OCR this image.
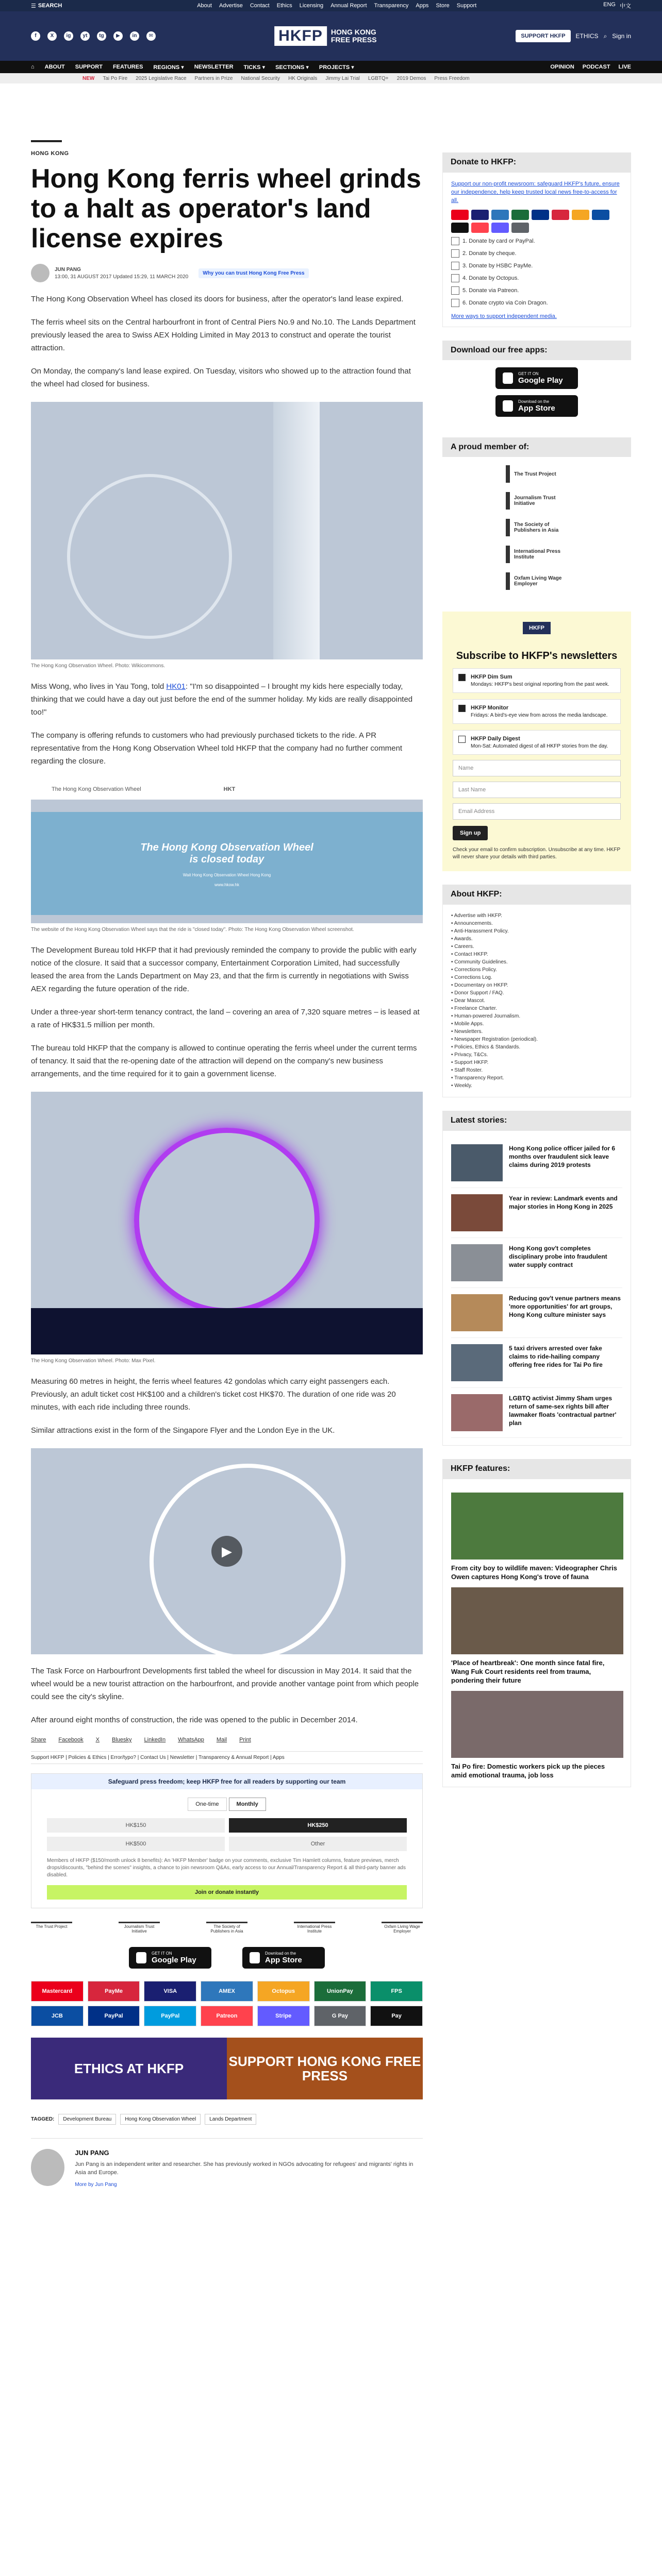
☰ SEARCH	About Advertise Contact Ethics Licensing Annual Report Transparency Apps Store Support	ENG 中文
f	X	ig	yt	tg	▶	in	✉	HKFP	HONG KONG FREE PRESS	SUPPORT HKFP	ETHICS ⌕ Sign in
⌂ ABOUT SUPPORT FEATURES REGIONS ▾ NEWSLETTER TICKS ▾ SECTIONS ▾ PROJECTS ▾	OPINION PODCAST LIVE
NEW Tai Po Fire 2025 Legislative Race Partners in Prize National Security HK Originals Jimmy Lai Trial LGBTQ+ 2019 Demos Press Freedom
HONG KONG
Hong Kong ferris wheel grinds to a halt as operator's land license expires
JUN PANG
13:00, 31 AUGUST 2017 Updated 15:29, 11 MARCH 2020
Why you can trust Hong Kong Free Press

The Hong Kong Observation Wheel has closed its doors for business, after the operator's land lease expired.

The ferris wheel sits on the Central harbourfront in front of Central Piers No.9 and No.10. The Lands Department previously leased the area to Swiss AEX Holding Limited in May 2013 to construct and operate the tourist attraction.

On Monday, the company's land lease expired. On Tuesday, visitors who showed up to the attraction found that the wheel had closed for business.

The Hong Kong Observation Wheel. Photo: Wikicommons.

Miss Wong, who lives in Yau Tong, told HK01: "I'm so disappointed – I brought my kids here especially today, thinking that we could have a day out just before the end of the summer holiday. My kids are really disappointed too!"

The company is offering refunds to customers who had previously purchased tickets to the ride. A PR representative from the Hong Kong Observation Wheel told HKFP that the company had no further comment regarding the closure.

The Hong Kong Observation Wheel	HKT
The Hong Kong Observation Wheel
is closed today
Wait Hong Kong Observation Wheel Hong Kong
www.hkow.hk
The website of the Hong Kong Observation Wheel says that the ride is "closed today". Photo: The Hong Kong Observation Wheel screenshot.

The Development Bureau told HKFP that it had previously reminded the company to provide the public with early notice of the closure. It said that a successor company, Entertainment Corporation Limited, had successfully leased the area from the Lands Department on May 23, and that the firm is currently in negotiations with Swiss AEX regarding the future operation of the ride.

Under a three-year short-term tenancy contract, the land – covering an area of 7,320 square metres – is leased at a rate of HK$31.5 million per month.

The bureau told HKFP that the company is allowed to continue operating the ferris wheel under the current terms of tenancy. It said that the re-opening date of the attraction will depend on the company's new business arrangements, and the time required for it to gain a government license.

The Hong Kong Observation Wheel. Photo: Max Pixel.

Measuring 60 metres in height, the ferris wheel features 42 gondolas which carry eight passengers each. Previously, an adult ticket cost HK$100 and a children's ticket cost HK$70. The duration of one ride was 20 minutes, with each ride including three rounds.

Similar attractions exist in the form of the Singapore Flyer and the London Eye in the UK.

▶

The Task Force on Harbourfront Developments first tabled the wheel for discussion in May 2014. It said that the wheel would be a new tourist attraction on the harbourfront, and provide another vantage point from which people could see the city's skyline.

After around eight months of construction, the ride was opened to the public in December 2014.

Share Facebook X Bluesky LinkedIn WhatsApp Mail Print
Support HKFP | Policies & Ethics | Error/typo? | Contact Us | Newsletter | Transparency & Annual Report | Apps
Safeguard press freedom; keep HKFP free for all readers by supporting our team
One-time	Monthly
HK$150	HK$250
HK$500	Other
Members of HKFP ($150/month unlock 8 benefits): An 'HKFP Member' badge on your comments, exclusive Tim Hamlett columns, feature previews, merch drops/discounts, "behind the scenes" insights, a chance to join newsroom Q&As, early access to our Annual/Transparency Report & all third-party banner ads disabled.
Join or donate instantly
The Trust Project	Journalism Trust Initiative
The Society of Publishers in Asia
International Press Institute
Oxfam Living Wage Employer
GET IT ON
Google Play
Download on the
App Store
Mastercard	PayMe	VISA	AMEX	Octopus	UnionPay	FPS
JCB	PayPal	PayPal	Patreon	Stripe	G Pay	Pay
ETHICS AT HKFP	SUPPORT HONG KONG FREE PRESS
TAGGED:	Development Bureau	Hong Kong Observation Wheel	Lands Department
JUN PANG
Jun Pang is an independent writer and researcher. She has previously worked in NGOs advocating for refugees' and migrants' rights in Asia and Europe.
More by Jun Pang
Donate to HKFP:

Support our non-profit newsroom: safeguard HKFP's future, ensure our independence, help keep trusted local news free-to-access for all.

1. Donate by card or PayPal.
2. Donate by cheque.
3. Donate by HSBC PayMe.
4. Donate by Octopus.
5. Donate via Patreon.
6. Donate crypto via Coin Dragon.
More ways to support independent media.
Download our free apps:
GET IT ON
Google Play
Download on the
App Store
A proud member of:
The Trust Project
Journalism Trust Initiative
The Society of Publishers in Asia
International Press Institute
Oxfam Living Wage Employer
HKFP
Subscribe to HKFP's newsletters
HKFP Dim Sum
Mondays: HKFP's best original reporting from the past week.
HKFP Monitor
Fridays: A bird's-eye view from across the media landscape.
HKFP Daily Digest
Mon-Sat: Automated digest of all HKFP stories from the day.
Name
Last Name
Email Address
Sign up
Check your email to confirm subscription. Unsubscribe at any time. HKFP will never share your details with third parties.
About HKFP:
• Advertise with HKFP.
• Announcements.
• Anti-Harassment Policy.
• Awards.
• Careers.
• Contact HKFP.
• Community Guidelines.
• Corrections Policy.
• Corrections Log.
• Documentary on HKFP.
• Donor Support / FAQ.
• Dear Mascot.
• Freelance Charter.
• Human-powered Journalism.
• Mobile Apps.
• Newsletters.
• Newspaper Registration (periodical).
• Policies, Ethics & Standards.
• Privacy, T&Cs.
• Support HKFP.
• Staff Roster.
• Transparency Report.
• Weekly.
Latest stories:
Hong Kong police officer jailed for 6 months over fraudulent sick leave claims during 2019 protests
Year in review: Landmark events and major stories in Hong Kong in 2025
Hong Kong gov't completes disciplinary probe into fraudulent water supply contract
Reducing gov't venue partners means 'more opportunities' for art groups, Hong Kong culture minister says
5 taxi drivers arrested over fake claims to ride-hailing company offering free rides for Tai Po fire
LGBTQ activist Jimmy Sham urges return of same-sex rights bill after lawmaker floats 'contractual partner' plan
HKFP features:
From city boy to wildlife maven: Videographer Chris Owen captures Hong Kong's trove of fauna
'Place of heartbreak': One month since fatal fire, Wang Fuk Court residents reel from trauma, pondering their future
Tai Po fire: Domestic workers pick up the pieces amid emotional trauma, job loss
